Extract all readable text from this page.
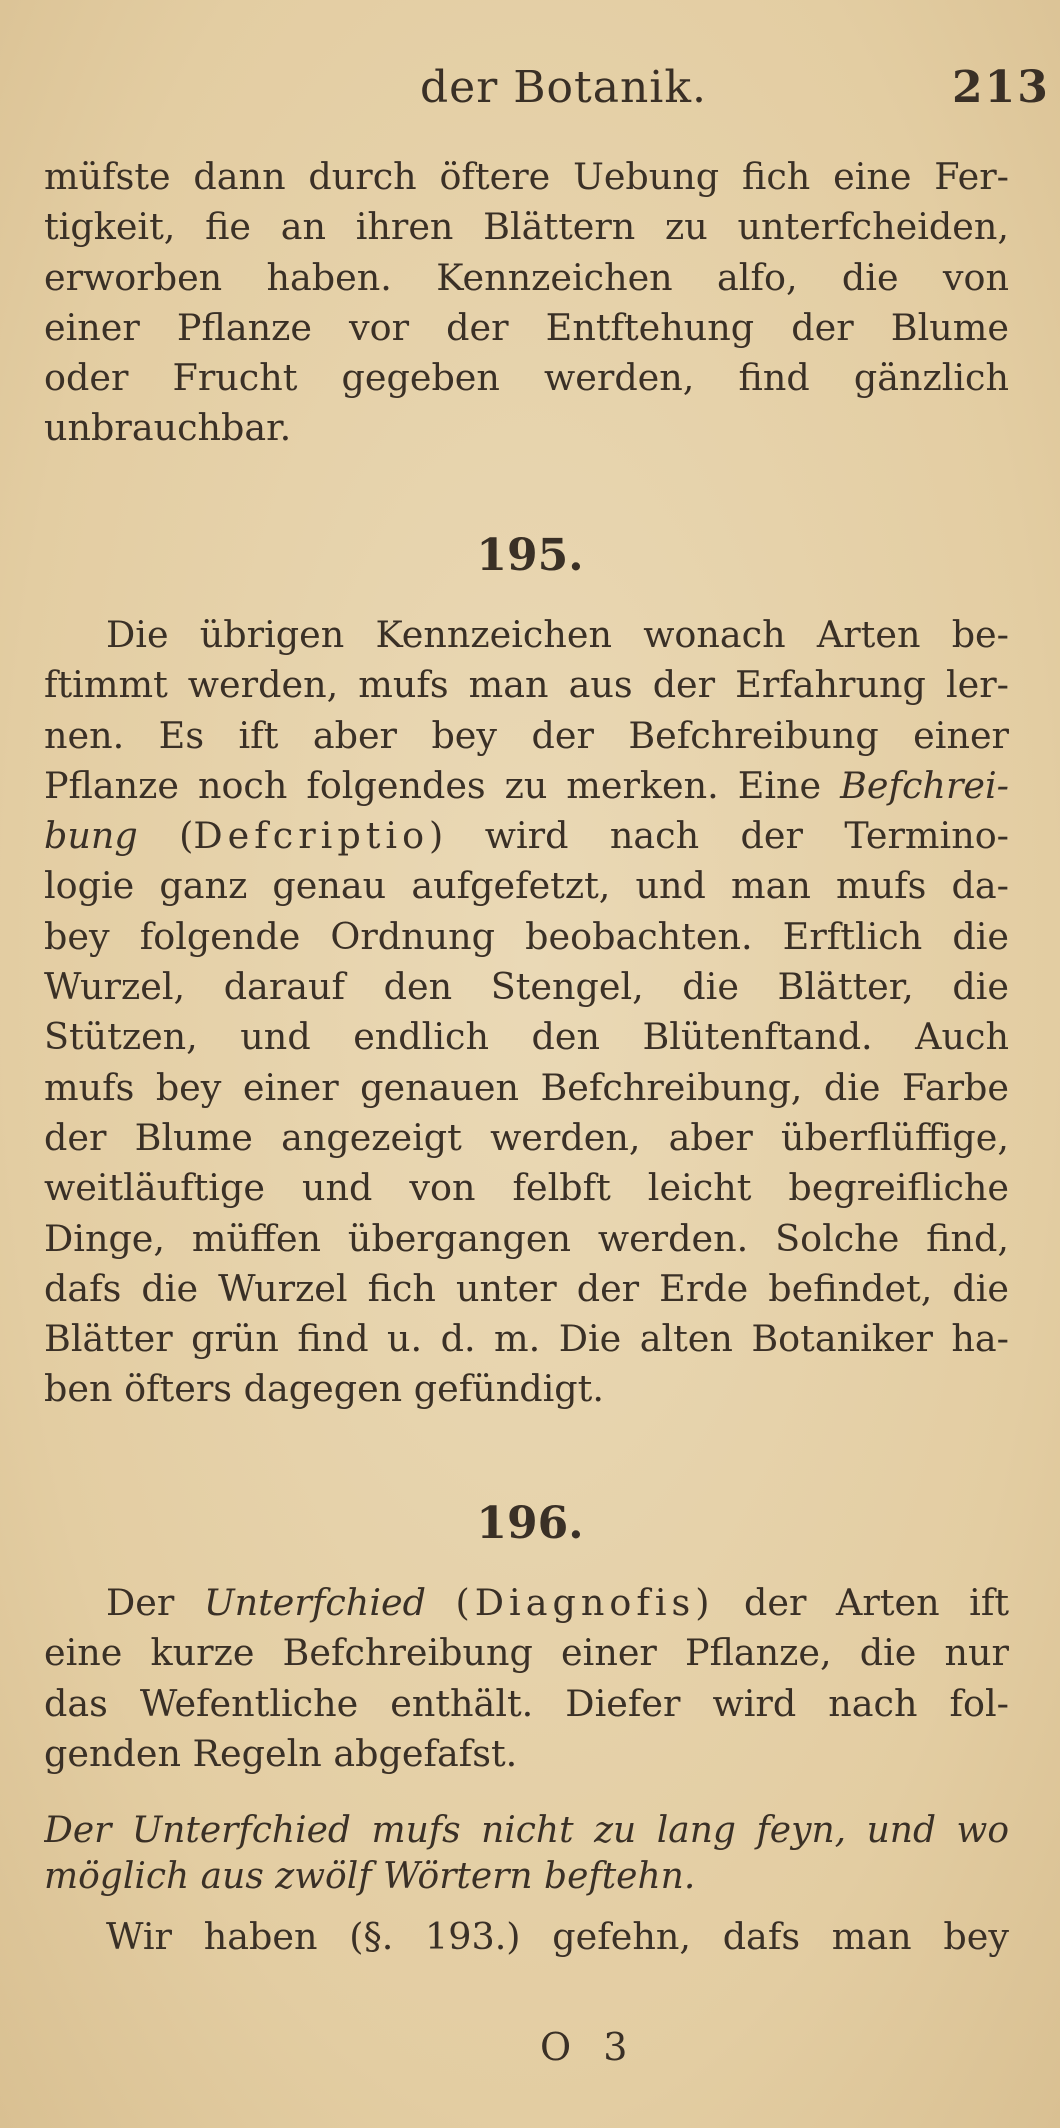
der Botanik.	213
müfste dann durch öftere Uebung fich eine Fer-
tigkeit, fie an ihren Blättern zu unterfcheiden,
erworben haben. Kennzeichen alfo, die von
einer Pflanze vor der Entftehung der Blume
oder Frucht gegeben werden, find gänzlich
unbrauchbar.
195.
Die übrigen Kennzeichen wonach Arten be-
ftimmt werden, mufs man aus der Erfahrung ler-
nen. Es ift aber bey der Befchreibung einer
Pflanze noch folgendes zu merken. Eine Befchrei-
bung (Defcriptio) wird nach der Termino-
logie ganz genau aufgefetzt, und man mufs da-
bey folgende Ordnung beobachten. Erftlich die
Wurzel, darauf den Stengel, die Blätter, die
Stützen, und endlich den Blütenftand. Auch
mufs bey einer genauen Befchreibung, die Farbe
der Blume angezeigt werden, aber überflüffige,
weitläuftige und von felbft leicht begreifliche
Dinge, müffen übergangen werden. Solche find,
dafs die Wurzel fich unter der Erde befindet, die
Blätter grün find u. d. m. Die alten Botaniker ha-
ben öfters dagegen gefündigt.
196.
Der Unterfchied (Diagnofis) der Arten ift
eine kurze Befchreibung einer Pflanze, die nur
das Wefentliche enthält. Diefer wird nach fol-
genden Regeln abgefafst.
Der Unterfchied mufs nicht zu lang feyn, und wo
möglich aus zwölf Wörtern beftehn.
Wir haben (§. 193.) gefehn, dafs man bey
O 3
